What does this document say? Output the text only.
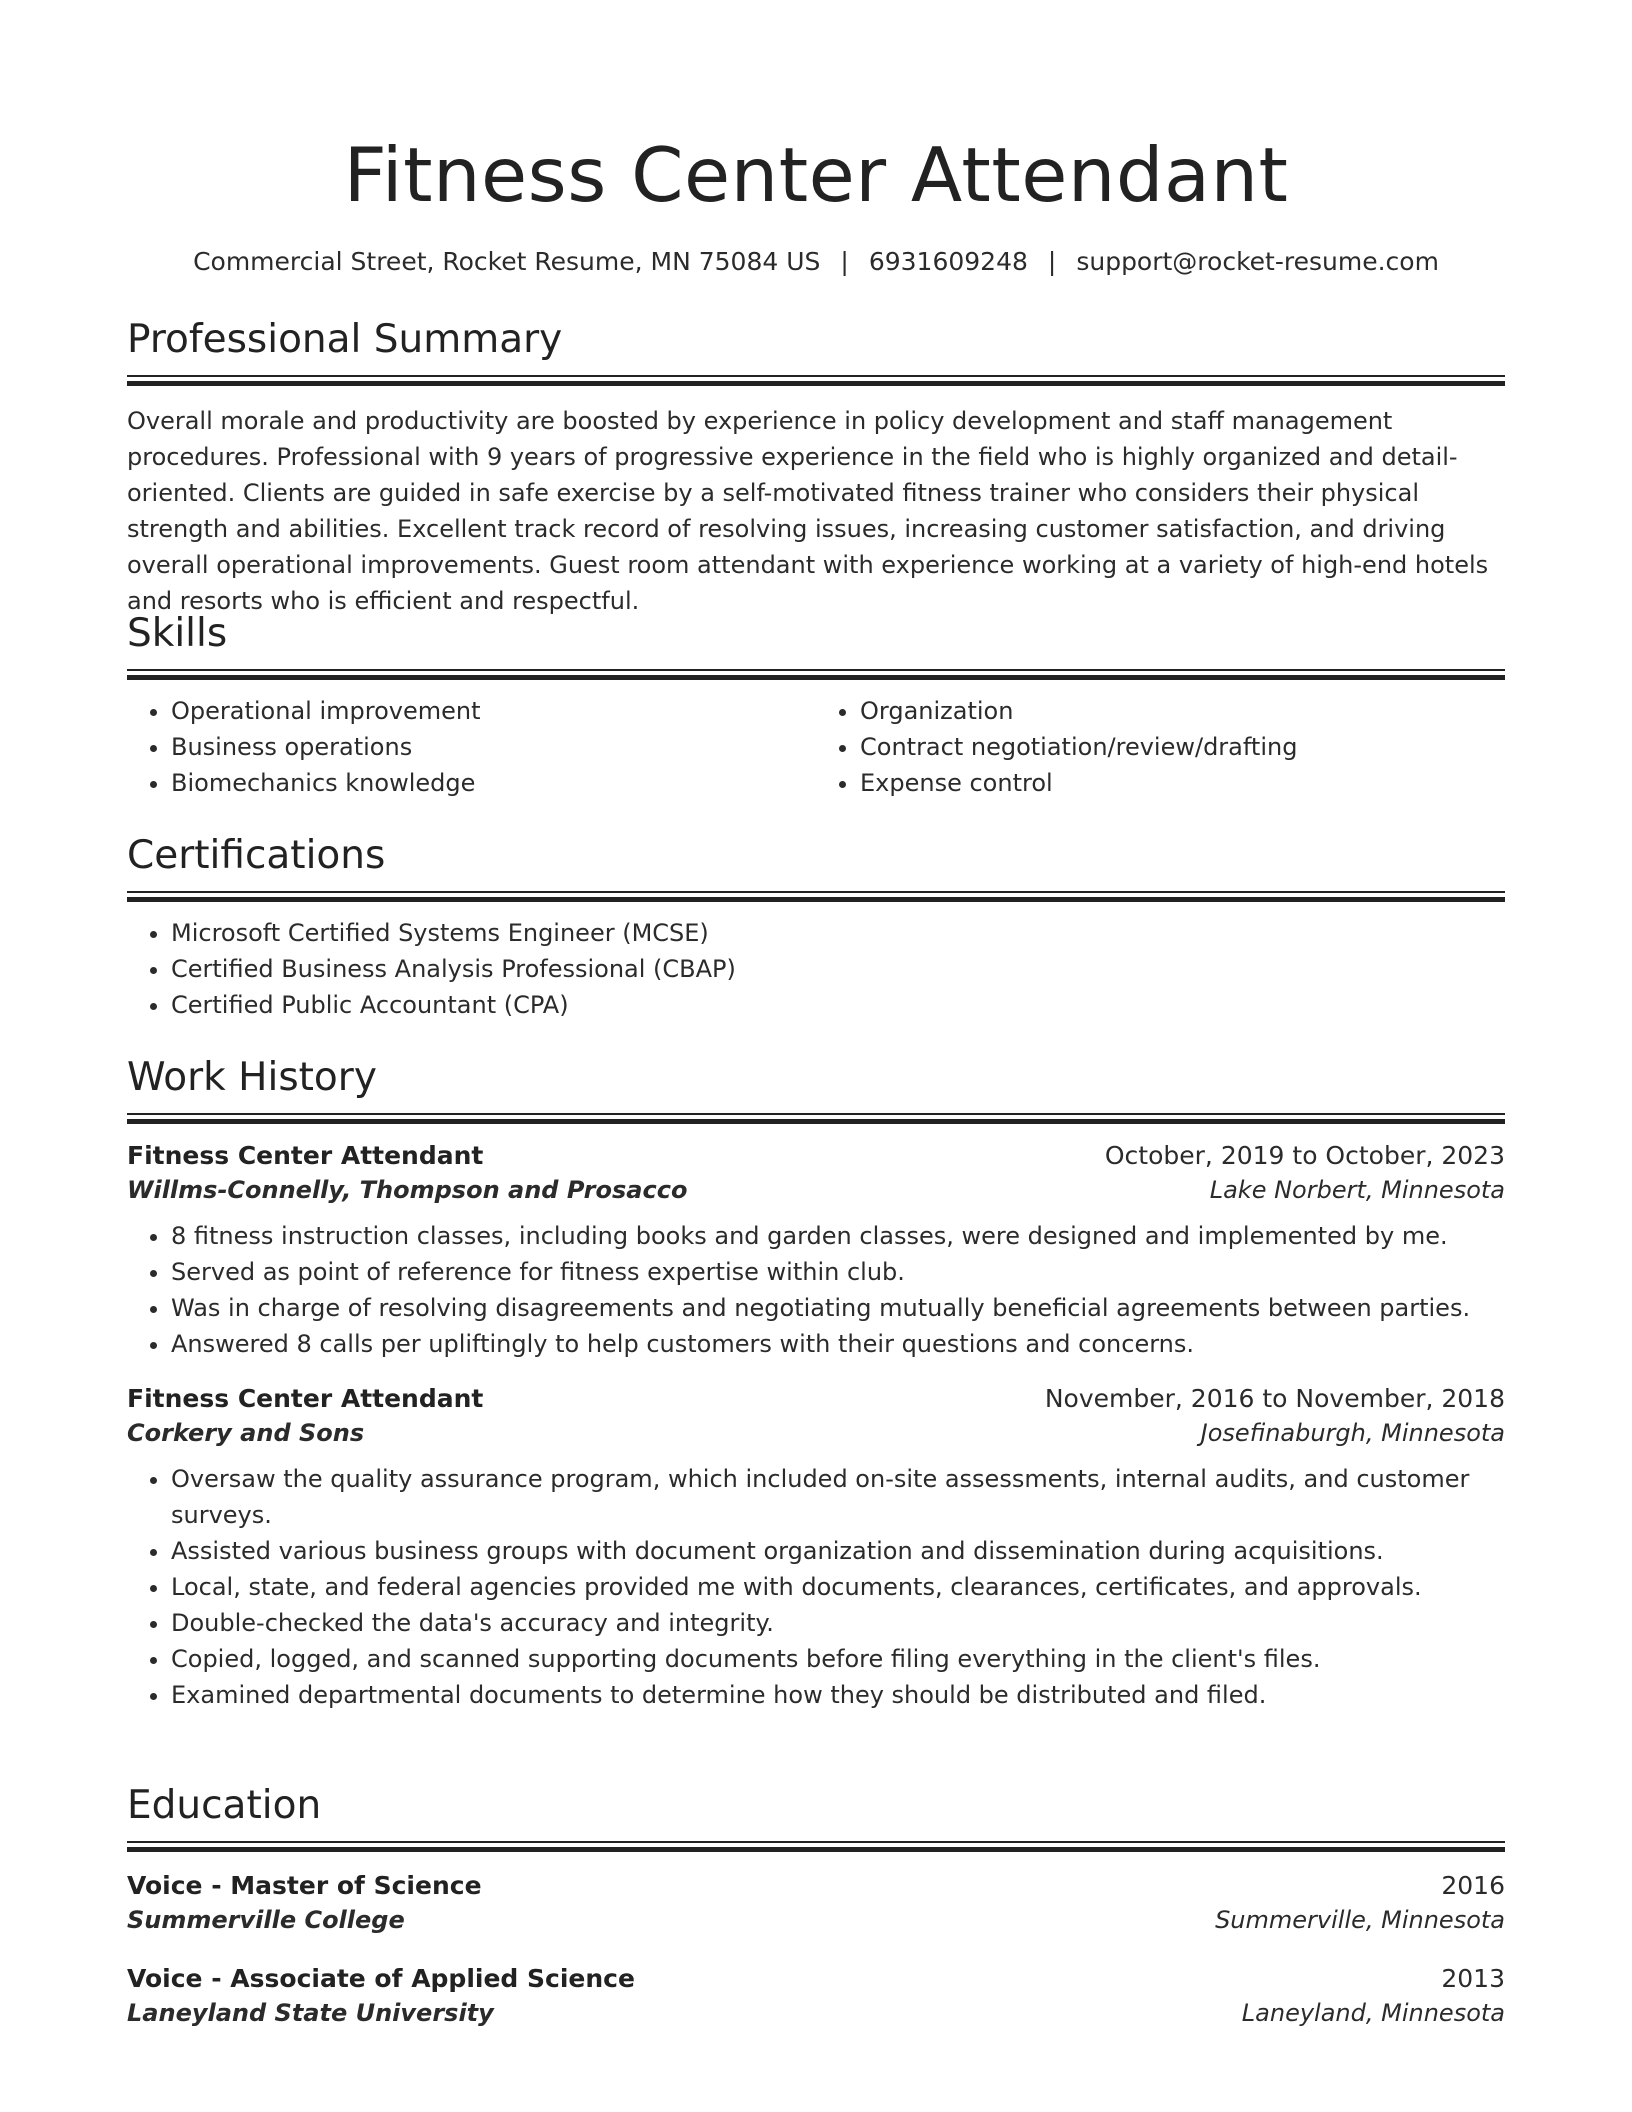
Fitness Center Attendant
Commercial Street, Rocket Resume, MN 75084 US | 6931609248 | support@rocket-resume.com
Professional Summary
Overall morale and productivity are boosted by experience in policy development and staff management procedures. Professional with 9 years of progressive experience in the field who is highly organized and detail-oriented. Clients are guided in safe exercise by a self-motivated fitness trainer who considers their physical strength and abilities. Excellent track record of resolving issues, increasing customer satisfaction, and driving overall operational improvements. Guest room attendant with experience working at a variety of high-end hotels and resorts who is efficient and respectful.
Skills
• Operational improvement
• Business operations
• Biomechanics knowledge
• Organization
• Contract negotiation/review/drafting
• Expense control
Certifications
• Microsoft Certified Systems Engineer (MCSE)
• Certified Business Analysis Professional (CBAP)
• Certified Public Accountant (CPA)
Work History
Fitness Center Attendant	October, 2019 to October, 2023
Willms-Connelly, Thompson and Prosacco	Lake Norbert, Minnesota
• 8 fitness instruction classes, including books and garden classes, were designed and implemented by me.
• Served as point of reference for fitness expertise within club.
• Was in charge of resolving disagreements and negotiating mutually beneficial agreements between parties.
• Answered 8 calls per upliftingly to help customers with their questions and concerns.
Fitness Center Attendant	November, 2016 to November, 2018
Corkery and Sons	Josefinaburgh, Minnesota
• Oversaw the quality assurance program, which included on-site assessments, internal audits, and customer surveys.
• Assisted various business groups with document organization and dissemination during acquisitions.
• Local, state, and federal agencies provided me with documents, clearances, certificates, and approvals.
• Double-checked the data's accuracy and integrity.
• Copied, logged, and scanned supporting documents before filing everything in the client's files.
• Examined departmental documents to determine how they should be distributed and filed.
Education
Voice - Master of Science	2016
Summerville College	Summerville, Minnesota
Voice - Associate of Applied Science	2013
Laneyland State University	Laneyland, Minnesota
